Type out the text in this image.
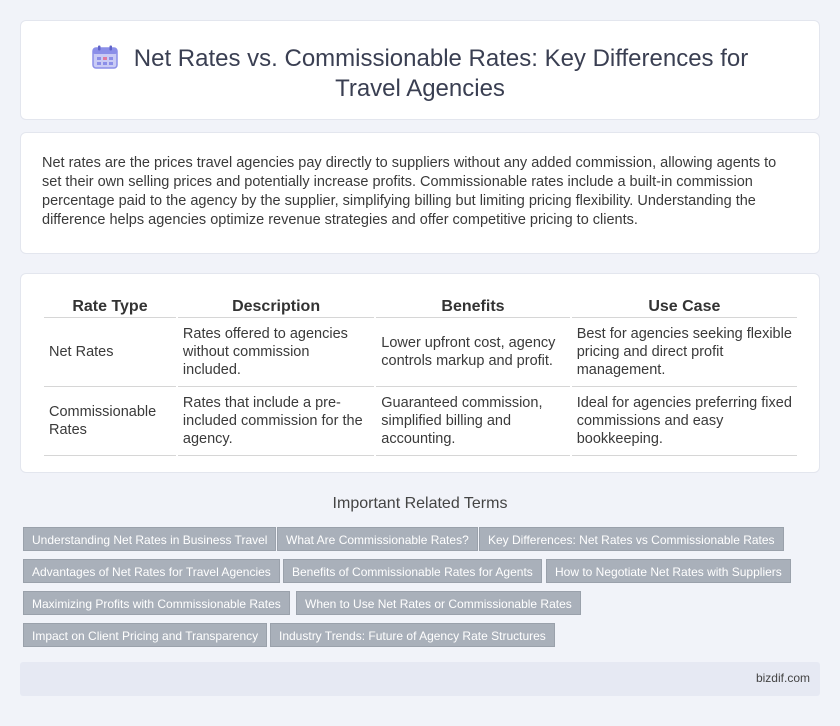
Net Rates vs. Commissionable Rates: Key Differences for Travel Agencies

Net rates are the prices travel agencies pay directly to suppliers without any added commission, allowing agents to set their own selling prices and potentially increase profits. Commissionable rates include a built-in commission percentage paid to the agency by the supplier, simplifying billing but limiting pricing flexibility. Understanding the difference helps agencies optimize revenue strategies and offer competitive pricing to clients.

Rate Type	Description	Benefits	Use Case
Net Rates	Rates offered to agencies without commission included.	Lower upfront cost, agency controls markup and profit.	Best for agencies seeking flexible pricing and direct profit management.
Commissionable Rates	Rates that include a pre-included commission for the agency.	Guaranteed commission, simplified billing and accounting.	Ideal for agencies preferring fixed commissions and easy bookkeeping.
Important Related Terms
Understanding Net Rates in Business Travel	What Are Commissionable Rates?	Key Differences: Net Rates vs Commissionable Rates
Advantages of Net Rates for Travel Agencies	Benefits of Commissionable Rates for Agents	How to Negotiate Net Rates with Suppliers
Maximizing Profits with Commissionable Rates	When to Use Net Rates or Commissionable Rates
Impact on Client Pricing and Transparency	Industry Trends: Future of Agency Rate Structures
bizdif.com
